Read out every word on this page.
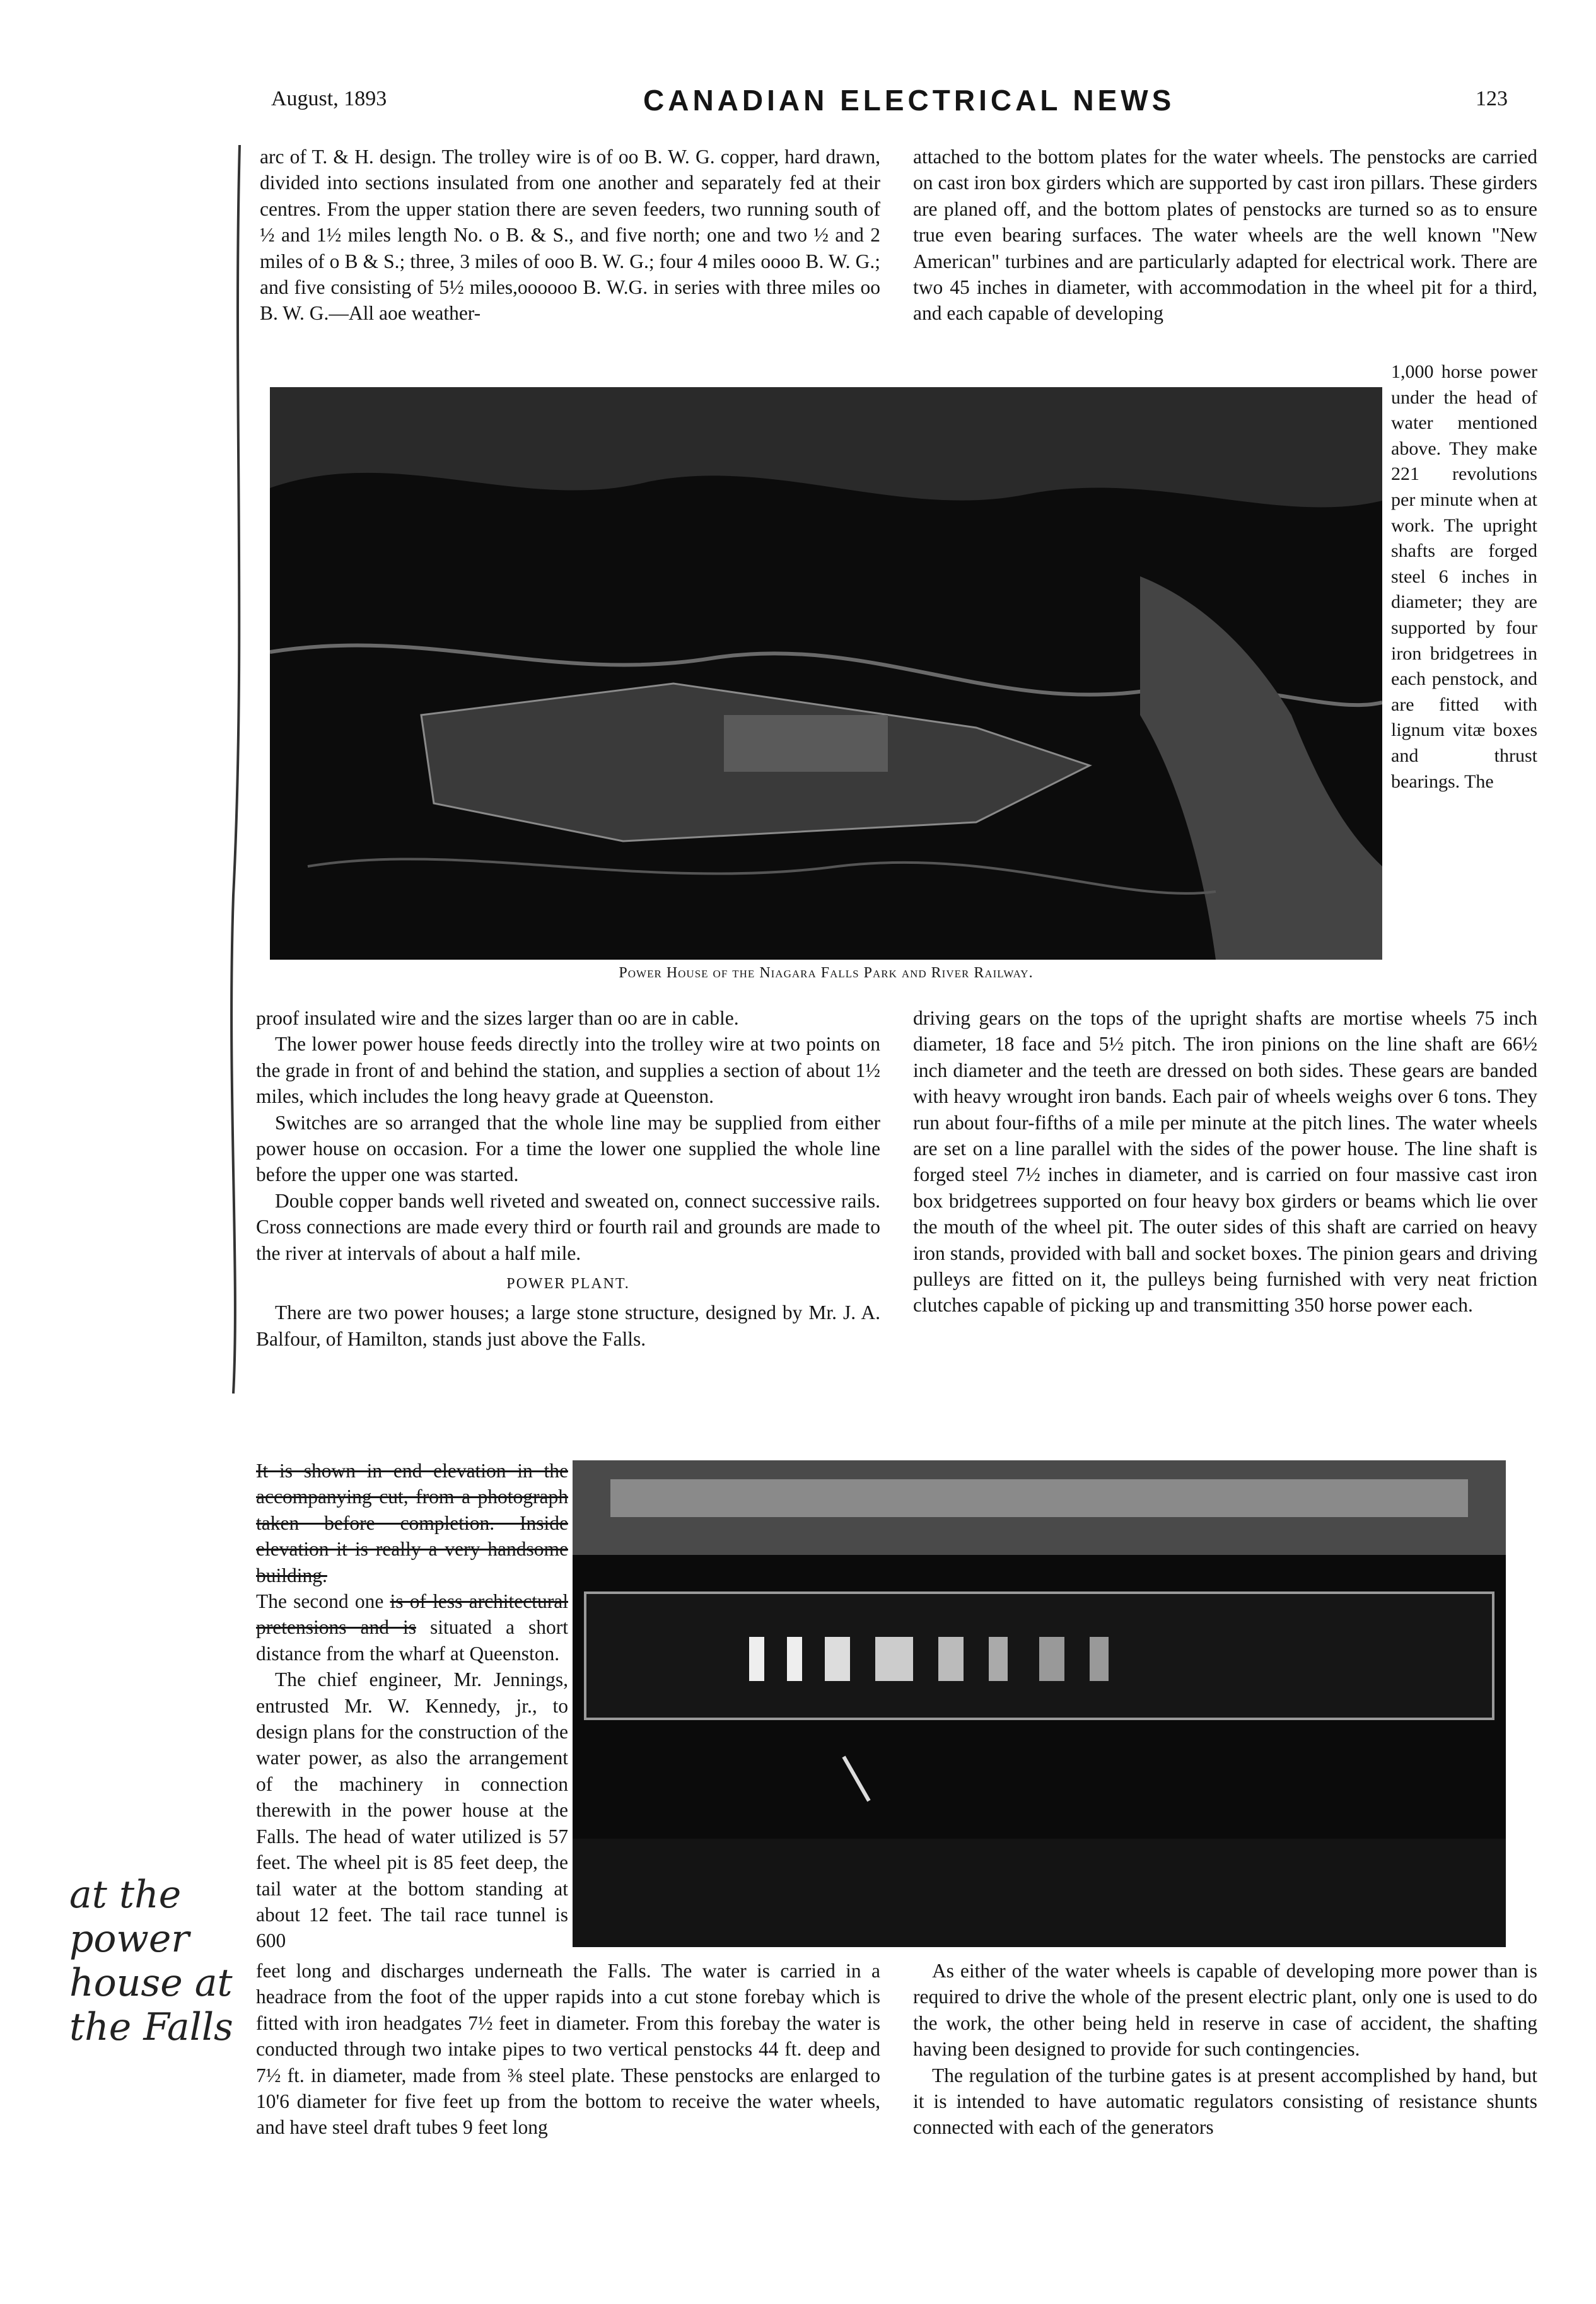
August, 1893	CANADIAN ELECTRICAL NEWS	123

arc of T. & H. design. The trolley wire is of oo B. W. G. copper, hard drawn, divided into sections insulated from one another and separately fed at their centres. From the upper station there are seven feeders, two running south of ½ and 1½ miles length No. o B. & S., and five north; one and two ½ and 2 miles of o B & S.; three, 3 miles of ooo B. W. G.; four 4 miles oooo B. W. G.; and five consisting of 5½ miles,oooooo B. W.G. in series with three miles oo B. W. G.—All aoe weather-

attached to the bottom plates for the water wheels. The penstocks are carried on cast iron box girders which are supported by cast iron pillars. These girders are planed off, and the bottom plates of penstocks are turned so as to ensure true even bearing surfaces. The water wheels are the well known "New American" turbines and are particularly adapted for electrical work. There are two 45 inches in diameter, with accommodation in the wheel pit for a third, and each capable of developing

Power House of the Niagara Falls Park and River Railway.

1,000 horse power under the head of water mentioned above. They make 221 revolutions per minute when at work. The upright shafts are forged steel 6 inches in diameter; they are supported by four iron bridgetrees in each penstock, and are fitted with lignum vitæ boxes and thrust bearings. The

proof insulated wire and the sizes larger than oo are in cable.

The lower power house feeds directly into the trolley wire at two points on the grade in front of and behind the station, and supplies a section of about 1½ miles, which includes the long heavy grade at Queenston.

Switches are so arranged that the whole line may be supplied from either power house on occasion. For a time the lower one supplied the whole line before the upper one was started.

Double copper bands well riveted and sweated on, connect successive rails. Cross connections are made every third or fourth rail and grounds are made to the river at intervals of about a half mile.

POWER PLANT.

There are two power houses; a large stone structure, designed by Mr. J. A. Balfour, of Hamilton, stands just above the Falls.

driving gears on the tops of the upright shafts are mortise wheels 75 inch diameter, 18 face and 5½ pitch. The iron pinions on the line shaft are 66½ inch diameter and the teeth are dressed on both sides. These gears are banded with heavy wrought iron bands. Each pair of wheels weighs over 6 tons. They run about four-fifths of a mile per minute at the pitch lines. The water wheels are set on a line parallel with the sides of the power house. The line shaft is forged steel 7½ inches in diameter, and is carried on four massive cast iron box bridgetrees supported on four heavy box girders or beams which lie over the mouth of the wheel pit. The outer sides of this shaft are carried on heavy iron stands, provided with ball and socket boxes. The pinion gears and driving pulleys are fitted on it, the pulleys being furnished with very neat friction clutches capable of picking up and transmitting 350 horse power each.

It is shown in end elevation in the accompanying cut, from a photograph taken before completion. Inside elevation it is really a very handsome building.

The second one is of less architectural pretensions and is situated a short distance from the wharf at Queenston.

The chief engineer, Mr. Jennings, entrusted Mr. W. Kennedy, jr., to design plans for the construction of the water power, as also the arrangement of the machinery in connection therewith in the power house at the Falls. The head of water utilized is 57 feet. The wheel pit is 85 feet deep, the tail water at the bottom standing at about 12 feet. The tail race tunnel is 600

feet long and discharges underneath the Falls. The water is carried in a headrace from the foot of the upper rapids into a cut stone forebay which is fitted with iron headgates 7½ feet in diameter. From this forebay the water is conducted through two intake pipes to two vertical penstocks 44 ft. deep and 7½ ft. in diameter, made from ⅜ steel plate. These penstocks are enlarged to 10'6 diameter for five feet up from the bottom to receive the water wheels, and have steel draft tubes 9 feet long

As either of the water wheels is capable of developing more power than is required to drive the whole of the present electric plant, only one is used to do the work, the other being held in reserve in case of accident, the shafting having been designed to provide for such contingencies.

The regulation of the turbine gates is at present accomplished by hand, but it is intended to have automatic regulators consisting of resistance shunts connected with each of the generators

at the power house at the Falls
